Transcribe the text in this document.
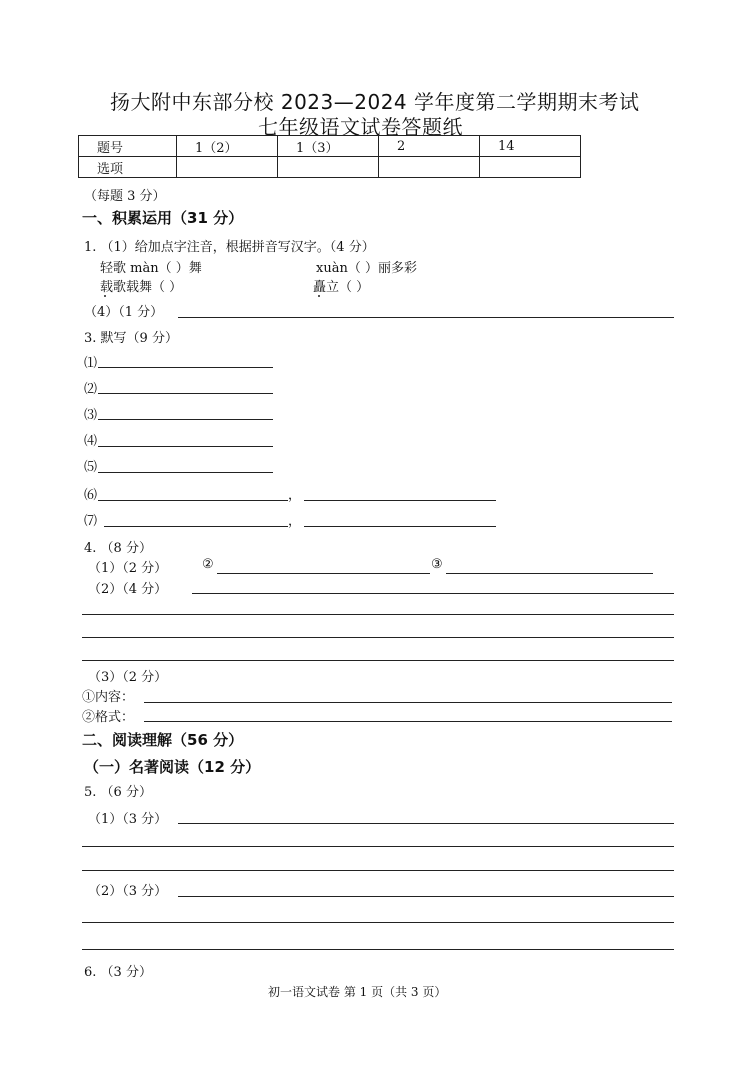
扬大附中东部分校 2023—2024 学年度第二学期期末考试
七年级语文试卷答题纸
题号	1（2）	1（3）	2	14
选项				
（每题 3 分）
一、积累运用（31 分）
1. （1）给加点字注音，根据拼音写汉字。（4 分）
轻歌 màn（ ）舞	xuàn（ ）丽多彩
载歌载舞（ ）	矗立（ ）
（4）（1 分）
3. 默写（9 分）
⑴
⑵
⑶
⑷
⑸
⑹	，
⑺	，
4. （8 分）
（1）（2 分）	②	③
（2）（4 分）
（3）（2 分）
①内容：
②格式：
二、阅读理解（56 分）
（一）名著阅读（12 分）
5. （6 分）
（1）（3 分）
（2）（3 分）
6. （3 分）
初一语文试卷 第 1 页（共 3 页）
